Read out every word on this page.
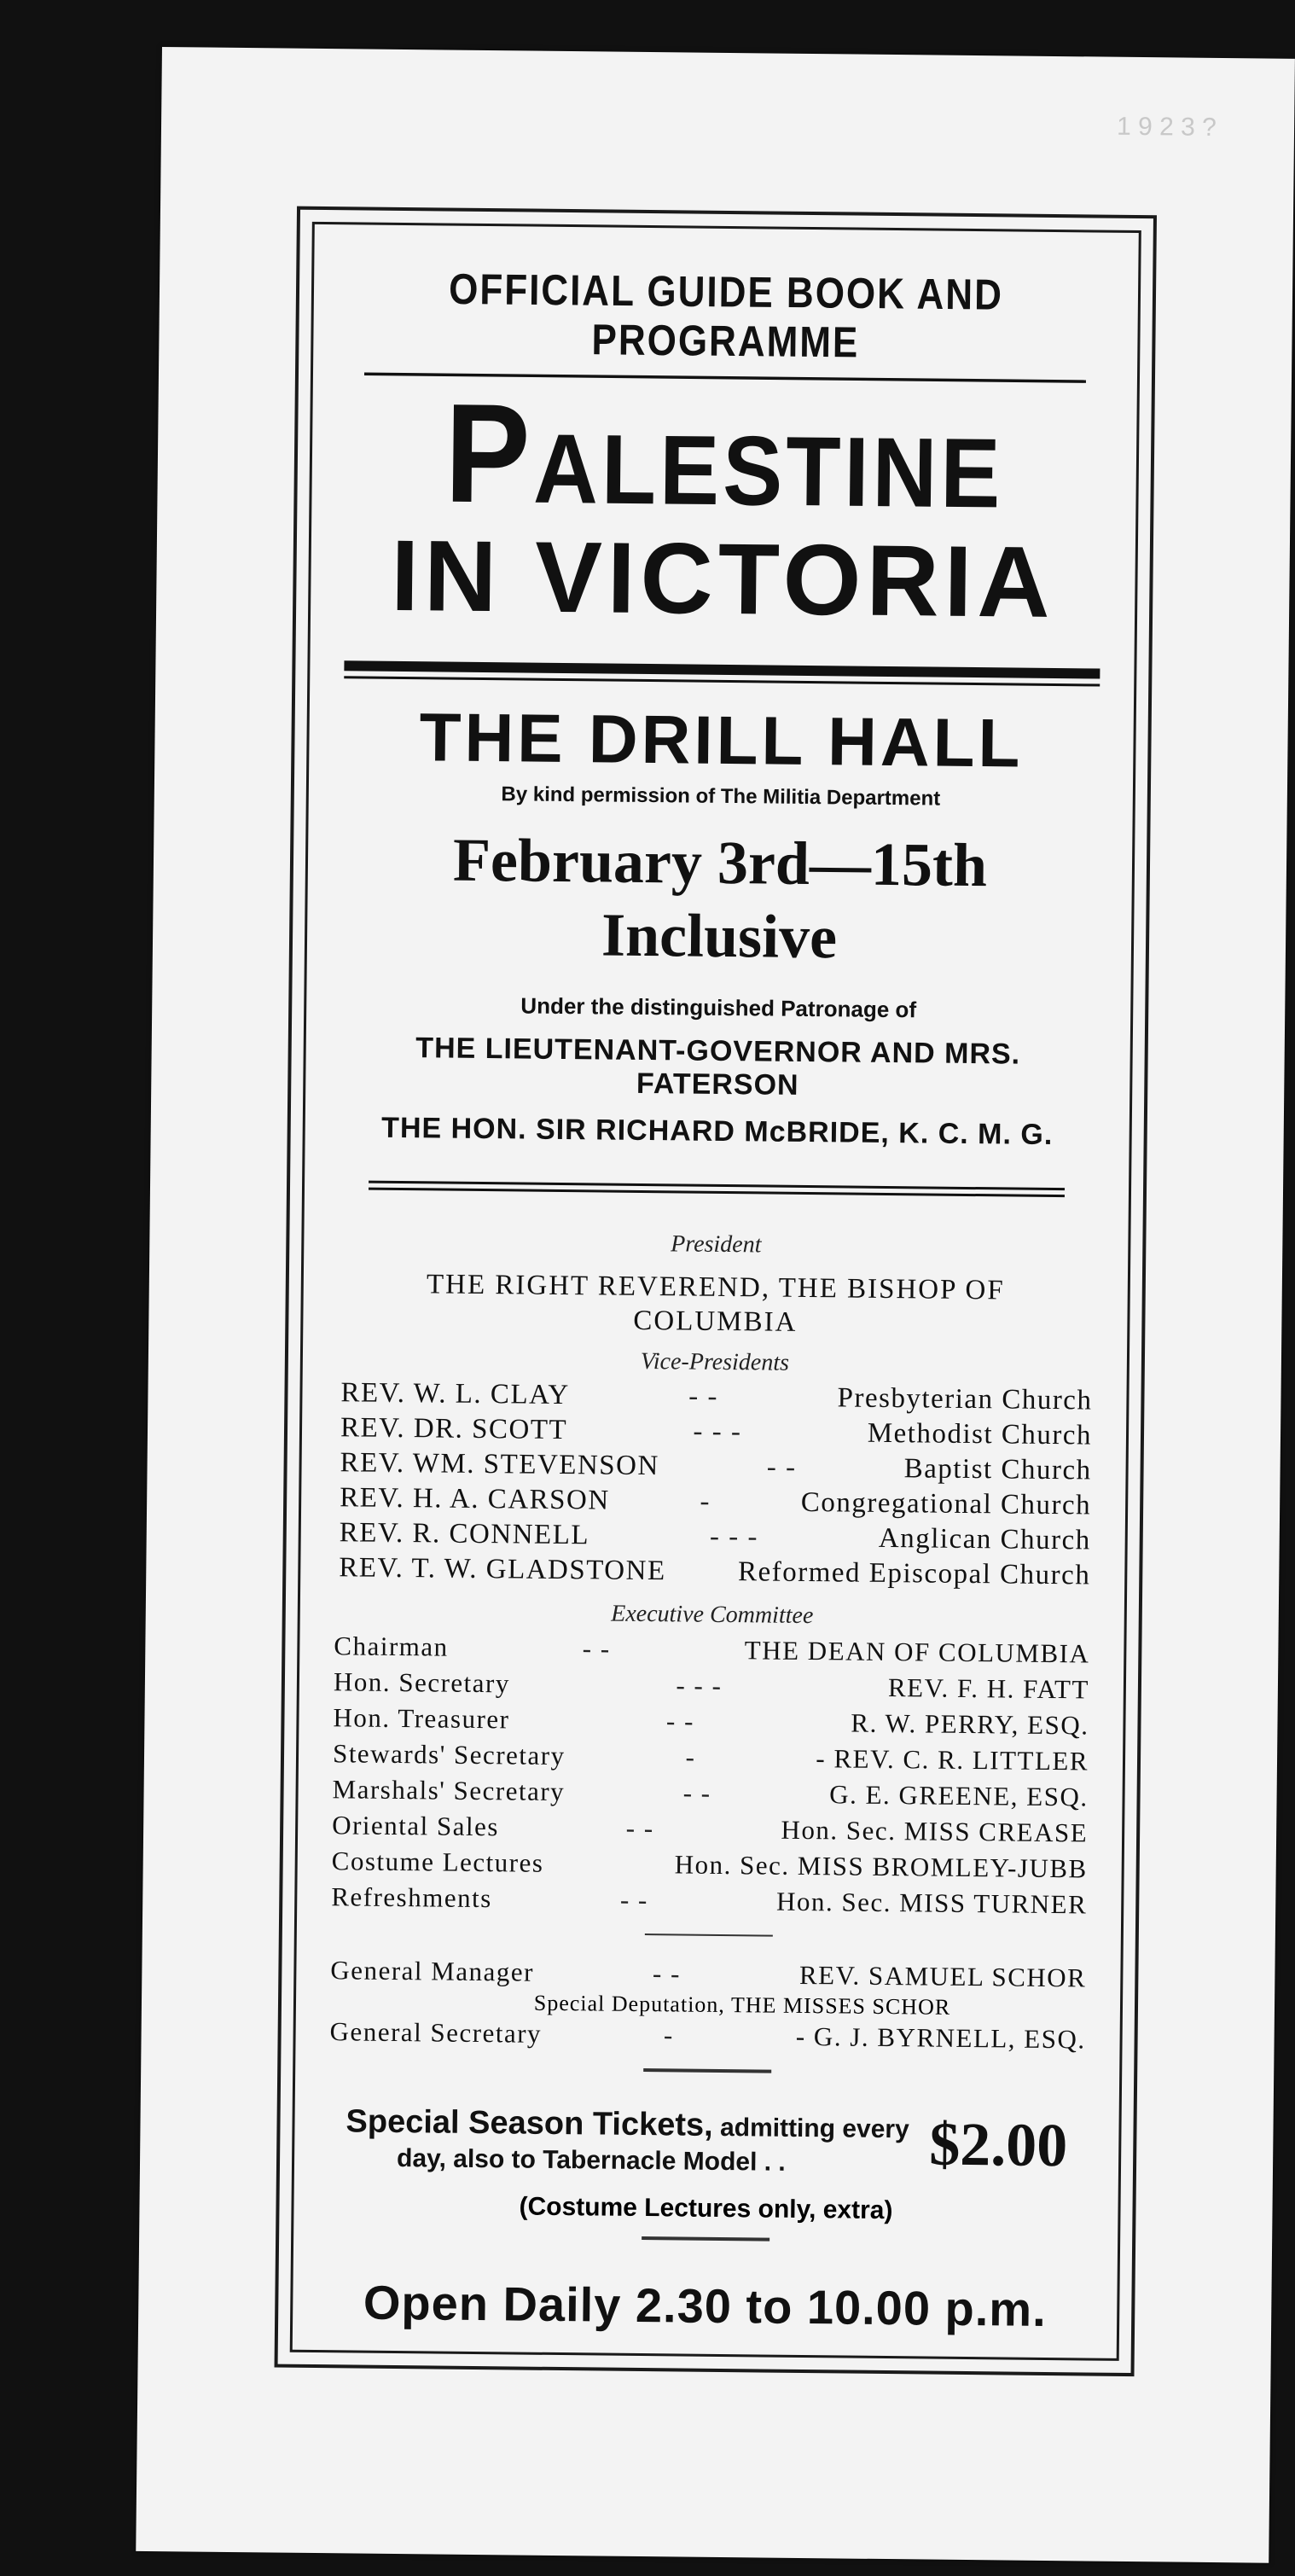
1 9 2 3 ?
OFFICIAL GUIDE BOOK AND PROGRAMME
Palestine
IN VICTORIA
THE DRILL HALL
By kind permission of The Militia Department
February 3rd—15th Inclusive
Under the distinguished Patronage of
THE LIEUTENANT-GOVERNOR AND MRS. FATERSON
THE HON. SIR RICHARD McBRIDE, K. C. M. G.
President
THE RIGHT REVEREND, THE BISHOP OF COLUMBIA
Vice-Presidents
REV. W. L. CLAY	- -	Presbyterian Church
REV. DR. SCOTT	- - -	Methodist Church
REV. WM. STEVENSON	- -	Baptist Church
REV. H. A. CARSON	-	Congregational Church
REV. R. CONNELL	- - -	Anglican Church
REV. T. W. GLADSTONE	Reformed Episcopal Church
Executive Committee
Chairman	- -	THE DEAN OF COLUMBIA
Hon. Secretary	- - -	REV. F. H. FATT
Hon. Treasurer	- -	R. W. PERRY, ESQ.
Stewards' Secretary	-	- REV. C. R. LITTLER
Marshals' Secretary	- -	G. E. GREENE, ESQ.
Oriental Sales	- -	Hon. Sec. MISS CREASE
Costume Lectures	Hon. Sec. MISS BROMLEY-JUBB
Refreshments	- -	Hon. Sec. MISS TURNER
General Manager	- -	REV. SAMUEL SCHOR
Special Deputation, THE MISSES SCHOR
General Secretary	-	- G. J. BYRNELL, ESQ.
Special Season Tickets, admitting every
day, also to Tabernacle Model . .	$2.00
(Costume Lectures only, extra)
Open Daily 2.30 to 10.00 p.m.
